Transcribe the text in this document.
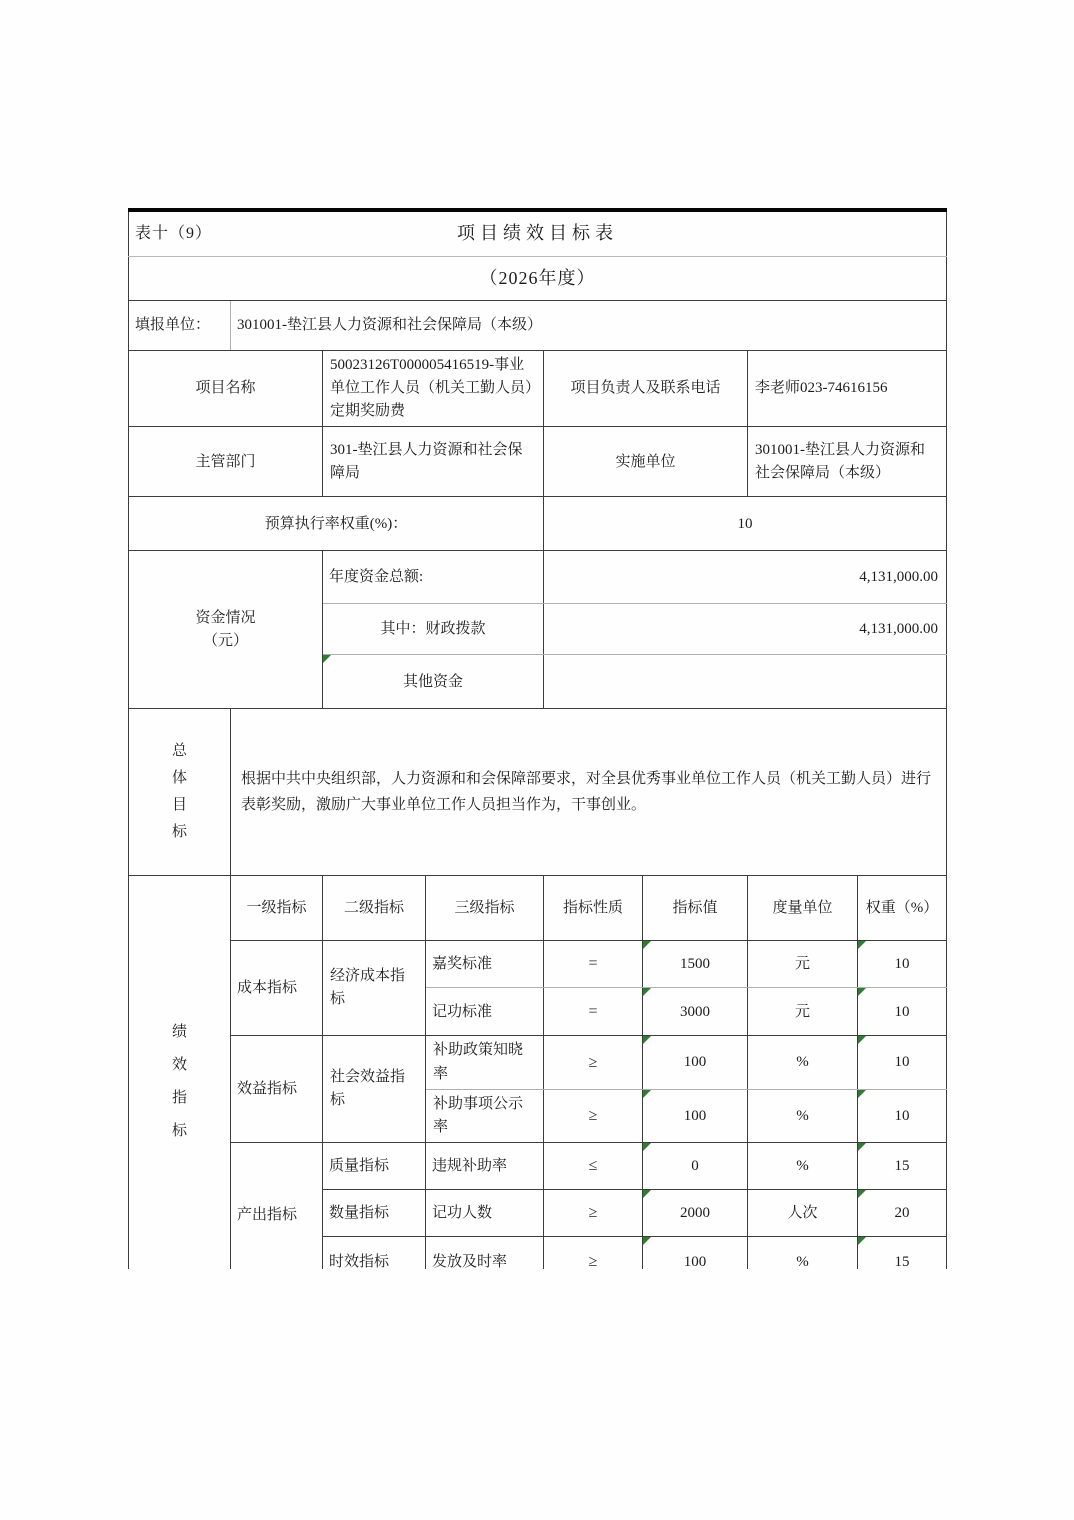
表十（9） 项目绩效目标表							

（2026年度）							
填报单位：	301001-垫江县人力资源和社会保障局（本级）						
项目名称		50023126T000005416519-事业单位工作人员（机关工勤人员）定期奖励费		项目负责人及联系电话		李老师023-74616156	
主管部门		301-垫江县人力资源和社会保障局		实施单位		301001-垫江县人力资源和社会保障局（本级）	
预算执行率权重(%)：				10			

资金情况
（元）		年度资金总额:		4,131,000.00			
		其中：财政拨款		4,131,000.00			

其他资金					

总
体
目
标	根据中共中央组织部，人力资源和和会保障部要求，对全县优秀事业单位工作人员（机关工勤人员）进行表彰奖励，激励广大事业单位工作人员担当作为，干事创业。						

绩
效
指
标	一级指标	二级指标	三级指标	指标性质	指标值	度量单位	权重（%）
	成本指标	经济成本指标	嘉奖标准	=	1500	元	10
			记功标准	=	3000	元	10
	效益指标	社会效益指标	补助政策知晓率	≥	100	%	10
			补助事项公示率	≥	100	%	10
	产出指标	质量指标	违规补助率	≤	0	%	15
		数量指标	记功人数	≥	2000	人次	20
		时效指标	发放及时率	≥	100	%	15
